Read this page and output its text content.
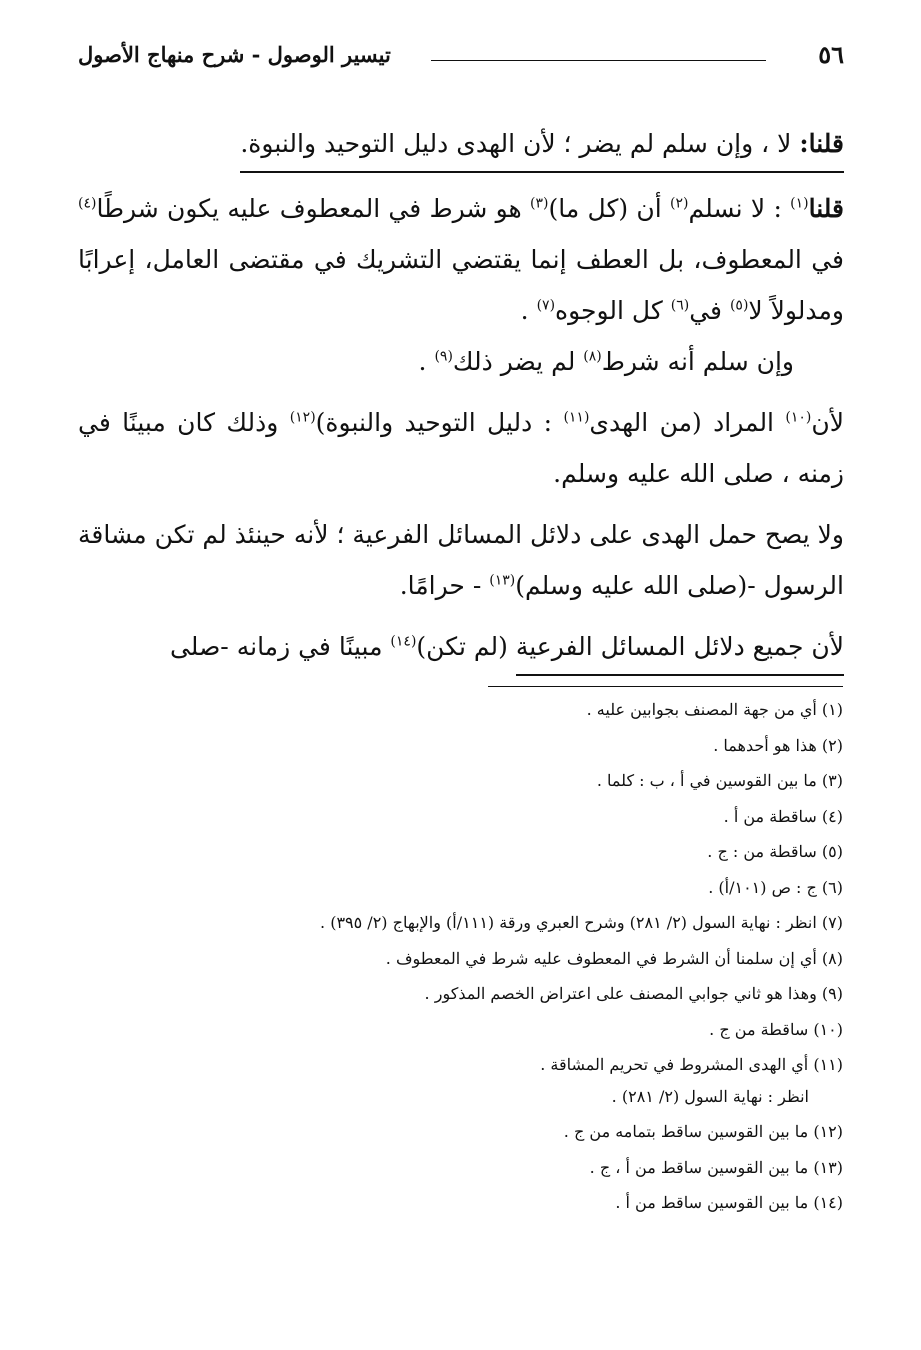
٥٦
تيسير الوصول - شرح منهاج الأصول

قلنا: لا ، وإن سلم لم يضر ؛ لأن الهدى دليل التوحيد والنبوة.

قلنا$^{(١)}$ : لا نسلم$^{(٢)}$ أن (كل ما)$^{(٣)}$ هو شرط في المعطوف عليه يكون شرطًا$^{(٤)}$ في المعطوف، بل العطف إنما يقتضي التشريك في مقتضى العامل، إعرابًا ومدلولاً لا$^{(٥)}$ في$^{(٦)}$ كل الوجوه$^{(٧)}$ .

وإن سلم أنه شرط$^{(٨)}$ لم يضر ذلك$^{(٩)}$ .

لأن$^{(١٠)}$ المراد (من الهدى$^{(١١)}$ : دليل التوحيد والنبوة)$^{(١٢)}$ وذلك كان مبينًا في زمنه ، صلى الله عليه وسلم.

ولا يصح حمل الهدى على دلائل المسائل الفرعية ؛ لأنه حينئذ لم تكن مشاقة الرسول -(صلى الله عليه وسلم)$^{(١٣)}$ - حرامًا.

لأن جميع دلائل المسائل الفرعية (لم تكن)$^{(١٤)}$ مبينًا في زمانه -صلى

(١) أي من جهة المصنف بجوابين عليه .

(٢) هذا هو أحدهما .

(٣) ما بين القوسين في أ ، ب : كلما .

(٤) ساقطة من أ .

(٥) ساقطة من : ج .

(٦) ج : ص (١٠١/أ) .

(٧) انظر : نهاية السول (٢/ ٢٨١) وشرح العبري ورقة (١١١/أ) والإبهاج (٢/ ٣٩٥) .

(٨) أي إن سلمنا أن الشرط في المعطوف عليه شرط في المعطوف .

(٩) وهذا هو ثاني جوابي المصنف على اعتراض الخصم المذكور .

(١٠) ساقطة من ج .

(١١) أي الهدى المشروط في تحريم المشاقة .

انظر : نهاية السول (٢/ ٢٨١) .

(١٢) ما بين القوسين ساقط بتمامه من ج .

(١٣) ما بين القوسين ساقط من أ ، ج .

(١٤) ما بين القوسين ساقط من أ .
